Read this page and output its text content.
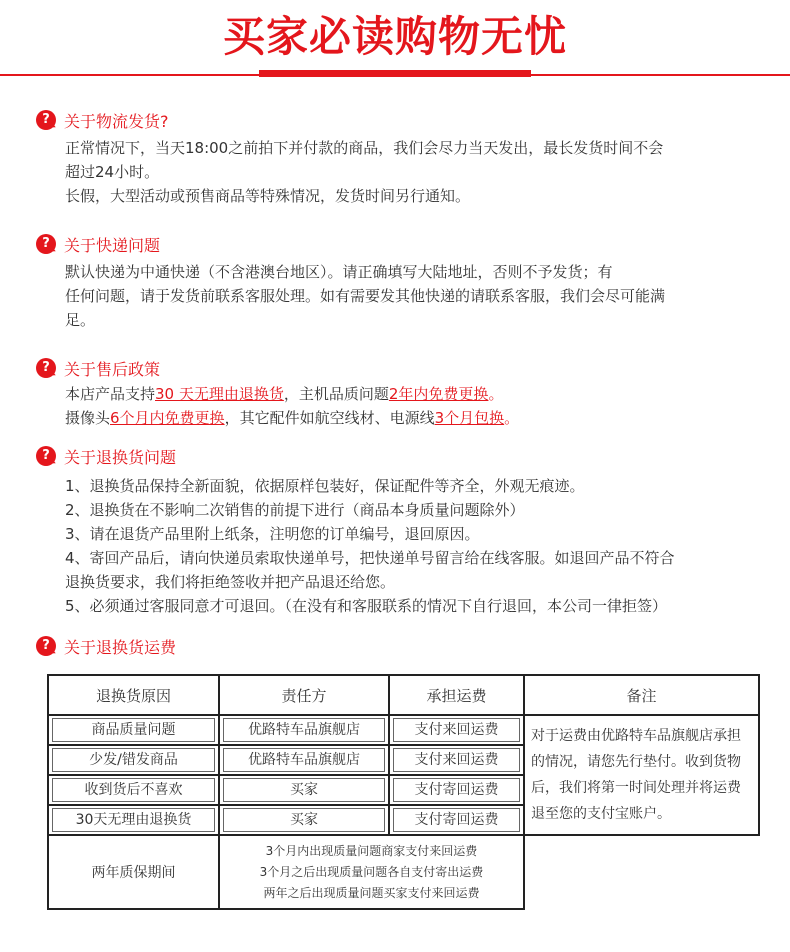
买家必读购物无忧
? 关于物流发货?

正常情况下，当天18:00之前拍下并付款的商品，我们会尽力当天发出，最长发货时间不会

超过24小时。

长假，大型活动或预售商品等特殊情况，发货时间另行通知。

? 关于快递问题

默认快递为中通快递（不含港澳台地区）。请正确填写大陆地址，否则不予发货；有

任何问题，请于发货前联系客服处理。如有需要发其他快递的请联系客服，我们会尽可能满

足。

? 关于售后政策

本店产品支持30 天无理由退换货，主机品质问题2年内免费更换。

摄像头6个月内免费更换，其它配件如航空线材、电源线3个月包换。

? 关于退换货问题

1、退换货品保持全新面貌，依据原样包装好，保证配件等齐全，外观无痕迹。

2、退换货在不影响二次销售的前提下进行（商品本身质量问题除外）

3、请在退货产品里附上纸条，注明您的订单编号，退回原因。

4、寄回产品后，请向快递员索取快递单号，把快递单号留言给在线客服。如退回产品不符合

退换货要求，我们将拒绝签收并把产品退还给您。

5、必须通过客服同意才可退回。（在没有和客服联系的情况下自行退回，本公司一律拒签）

? 关于退换货运费
退换货原因	责任方	承担运费	备注

商品质量问题	优路特车品旗舰店	支付来回运费	对于运费由优路特车品旗舰店承担的情况，请您先行垫付。收到货物后，我们将第一时间处理并将运费退至您的支付宝账户。

少发/错发商品	优路特车品旗舰店	支付来回运费	

收到货后不喜欢	买家	支付寄回运费	

30天无理由退换货	买家	支付寄回运费	

两年质保期间	3个月内出现质量问题商家支付来回运费
3个月之后出现质量问题各自支付寄出运费
两年之后出现质量问题买家支付来回运费		
